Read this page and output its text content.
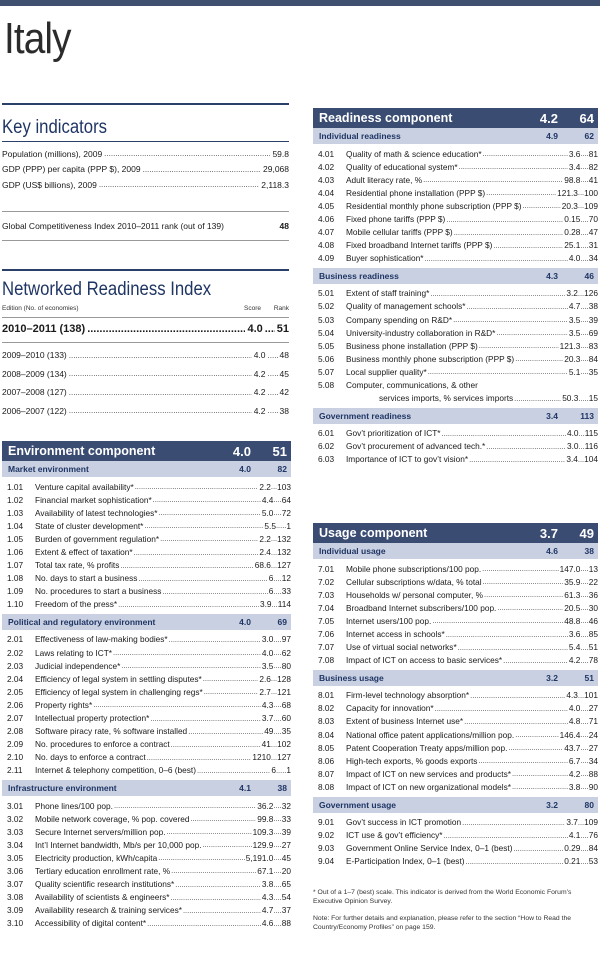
Italy
Key indicators
Population (millions), 2009 .....	59.8
GDP (PPP) per capita (PPP $), 2009 .....	29,068
GDP (US$ billions), 2009 .....	2,118.3
Global Competitiveness Index 2010–2011 rank (out of 139)	48
Networked Readiness Index
Edition (No. of economies)	Score	Rank
2010–2011 (138) .....	4.0 ..... 51
2009–2010 (133) .....	4.0 ..... 48
2008–2009 (134) .....	4.2 ..... 45
2007–2008 (127) .....	4.2 ..... 42
2006–2007 (122) .....	4.2 ..... 38
Environment component	4.0	51
Market environment	4.0	82
1.01	Venture capital availability* .....	2.2 ... 103
1.02	Financial market sophistication* .....	4.4 .... 64
1.03	Availability of latest technologies* .....	5.0 .... 72
1.04	State of cluster development* .....	5.5 ..... 1
1.05	Burden of government regulation* .....	2.2 ... 132
1.06	Extent & effect of taxation* .....	2.4 ... 132
1.07	Total tax rate, % profits .....	68.6 ... 127
1.08	No. days to start a business .....	6 .... 12
1.09	No. procedures to start a business .....	6 .... 33
1.10	Freedom of the press* .....	3.9 ... 114
Political and regulatory environment	4.0	69
2.01	Effectiveness of law-making bodies* .....	3.0 .... 97
2.02	Laws relating to ICT* .....	4.0 .... 62
2.03	Judicial independence* .....	3.5 .... 80
2.04	Efficiency of legal system in settling disputes* .....	2.6 ... 128
2.05	Efficiency of legal system in challenging regs* .....	2.7 ... 121
2.06	Property rights* .....	4.3 .... 68
2.07	Intellectual property protection* .....	3.7 .... 60
2.08	Software piracy rate, % software installed .....	49 .... 35
2.09	No. procedures to enforce a contract .....	41 ... 102
2.10	No. days to enforce a contract .....	1210 ... 127
2.11	Internet & telephony competition, 0–6 (best) .....	6 ..... 1
Infrastructure environment	4.1	38
3.01	Phone lines/100 pop. .....	36.2 .... 32
3.02	Mobile network coverage, % pop. covered .....	99.8 .... 33
3.03	Secure Internet servers/million pop. .....	109.3 .... 39
3.04	Int’l Internet bandwidth, Mb/s per 10,000 pop. .....	129.9 .... 27
3.05	Electricity production, kWh/capita .....	5,191.0 .... 45
3.06	Tertiary education enrollment rate, % .....	67.1 .... 20
3.07	Quality scientific research institutions* .....	3.8 .... 65
3.08	Availability of scientists & engineers* .....	4.3 .... 54
3.09	Availability research & training services* .....	4.7 .... 37
3.10	Accessibility of digital content* .....	4.6 .... 88
Readiness component	4.2	64
Individual readiness	4.9	62
4.01	Quality of math & science education* .....	3.6 .... 81
4.02	Quality of educational system* .....	3.4 .... 82
4.03	Adult literacy rate, % .....	98.8 .... 41
4.04	Residential phone installation (PPP $) .....	121.3 ... 100
4.05	Residential monthly phone subscription (PPP $) .....	20.3 ... 109
4.06	Fixed phone tariffs (PPP $) .....	0.15 .... 70
4.07	Mobile cellular tariffs (PPP $) .....	0.28 .... 47
4.08	Fixed broadband Internet tariffs (PPP $) .....	25.1 .... 31
4.09	Buyer sophistication* .....	4.0 .... 34
Business readiness	4.3	46
5.01	Extent of staff training* .....	3.2 ... 126
5.02	Quality of management schools* .....	4.7 .... 38
5.03	Company spending on R&D* .....	3.5 .... 39
5.04	University-industry collaboration in R&D* .....	3.5 .... 69
5.05	Business phone installation (PPP $) .....	121.3 .... 83
5.06	Business monthly phone subscription (PPP $) .....	20.3 .... 84
5.07	Local supplier quality* .....	5.1 .... 35
5.08	Computer, communications, & other
services imports, % services imports .....	50.3 ..... 15
Government readiness	3.4	113
6.01	Gov’t prioritization of ICT* .....	4.0 ... 115
6.02	Gov’t procurement of advanced tech.* .....	3.0 ... 116
6.03	Importance of ICT to gov’t vision* .....	3.4 ... 104
Usage component	3.7	49
Individual usage	4.6	38
7.01	Mobile phone subscriptions/100 pop. .....	147.0 .... 13
7.02	Cellular subscriptions w/data, % total .....	35.9 .... 22
7.03	Households w/ personal computer, % .....	61.3 .... 36
7.04	Broadband Internet subscribers/100 pop. .....	20.5 .... 30
7.05	Internet users/100 pop. .....	48.8 .... 46
7.06	Internet access in schools* .....	3.6 .... 85
7.07	Use of virtual social networks* .....	5.4 .... 51
7.08	Impact of ICT on access to basic services* .....	4.2 .... 78
Business usage	3.2	51
8.01	Firm-level technology absorption* .....	4.3 ... 101
8.02	Capacity for innovation* .....	4.0 .... 27
8.03	Extent of business Internet use* .....	4.8 .... 71
8.04	National office patent applications/million pop. .....	146.4 .... 24
8.05	Patent Cooperation Treaty apps/million pop. .....	43.7 .... 27
8.06	High-tech exports, % goods exports .....	6.7 .... 34
8.07	Impact of ICT on new services and products* .....	4.2 .... 88
8.08	Impact of ICT on new organizational models* .....	3.8 .... 90
Government usage	3.2	80
9.01	Gov’t success in ICT promotion .....	3.7 ... 109
9.02	ICT use & gov’t efficiency* .....	4.1 .... 76
9.03	Government Online Service Index, 0–1 (best) .....	0.29 .... 84
9.04	E-Participation Index, 0–1 (best) .....	0.21 .... 53
* Out of a 1–7 (best) scale. This indicator is derived from the World Economic Forum’s Executive Opinion Survey.
Note: For further details and explanation, please refer to the section “How to Read the Country/Economy Profiles” on page 159.
